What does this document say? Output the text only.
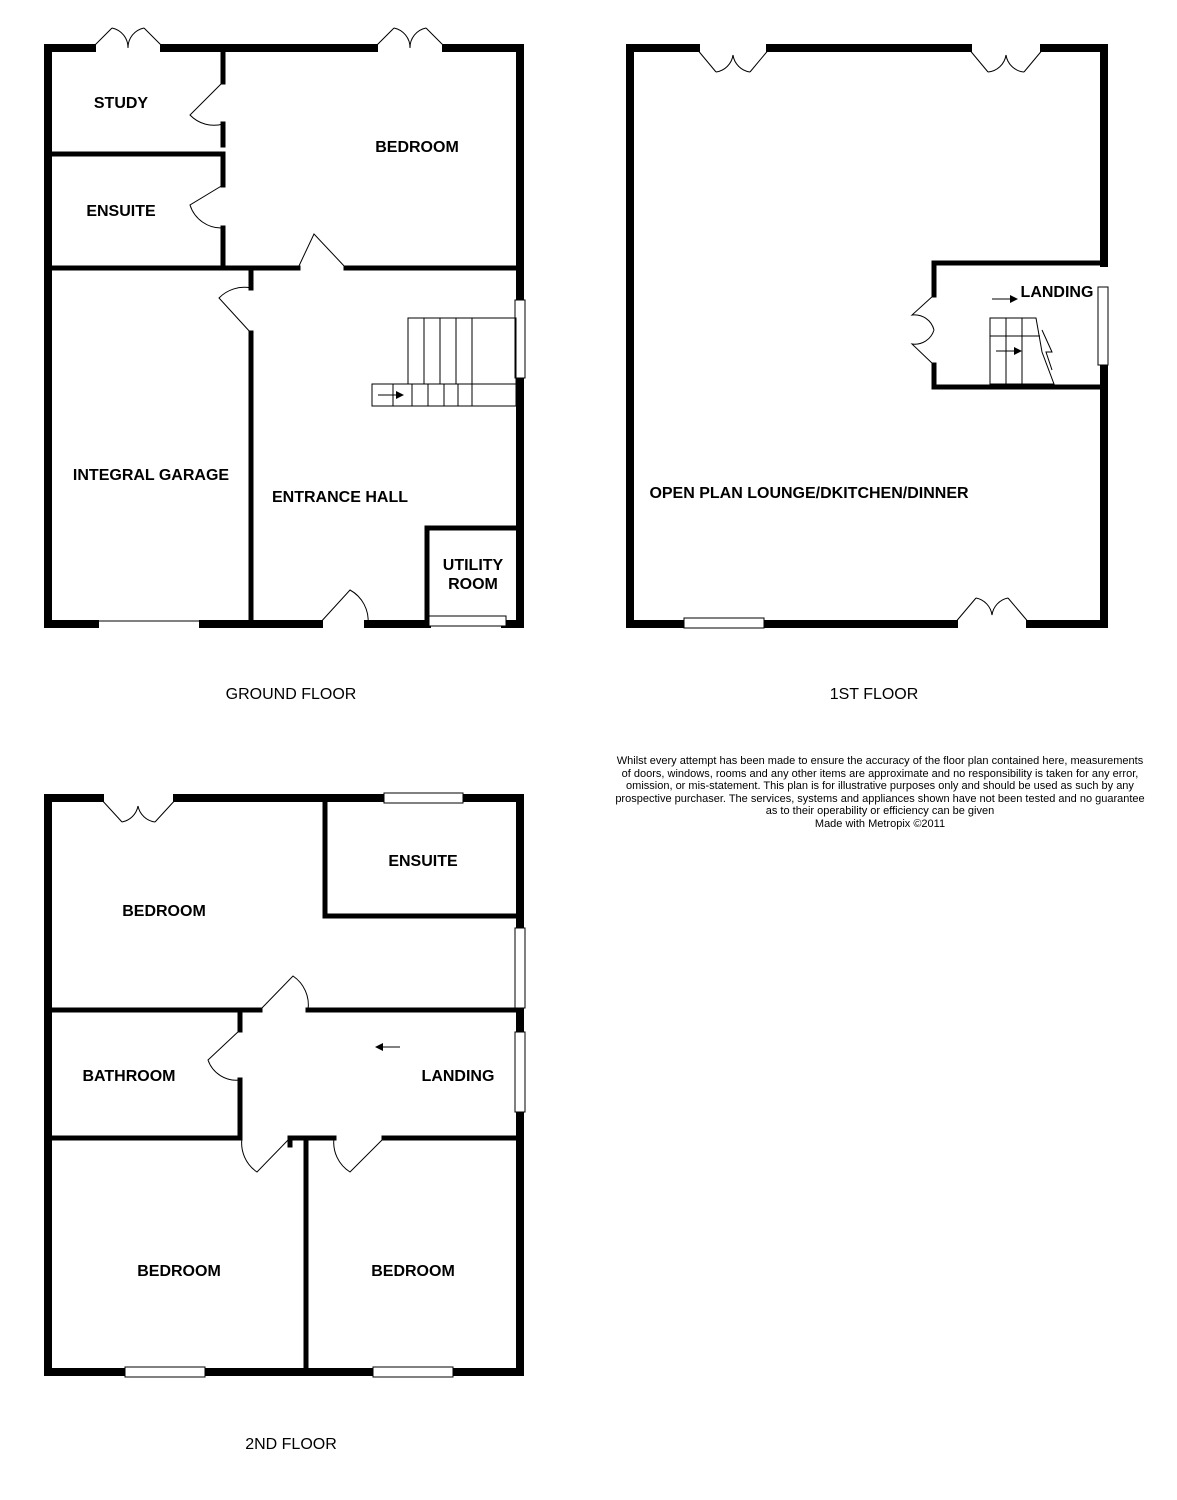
STUDY
BEDROOM
ENSUITE
INTEGRAL GARAGE
ENTRANCE HALL
UTILITY
ROOM
GROUND FLOOR
LANDING
OPEN PLAN LOUNGE/DKITCHEN/DINNER
1ST FLOOR
ENSUITE
BEDROOM
BATHROOM	LANDING
BEDROOM	BEDROOM
2ND FLOOR
Whilst every attempt has been made to ensure the accuracy of the floor plan contained here, measurements
of doors, windows, rooms and any other items are approximate and no responsibility is taken for any error,
omission, or mis-statement. This plan is for illustrative purposes only and should be used as such by any
prospective purchaser. The services, systems and appliances shown have not been tested and no guarantee
as to their operability or efficiency can be given
Made with Metropix ©2011
